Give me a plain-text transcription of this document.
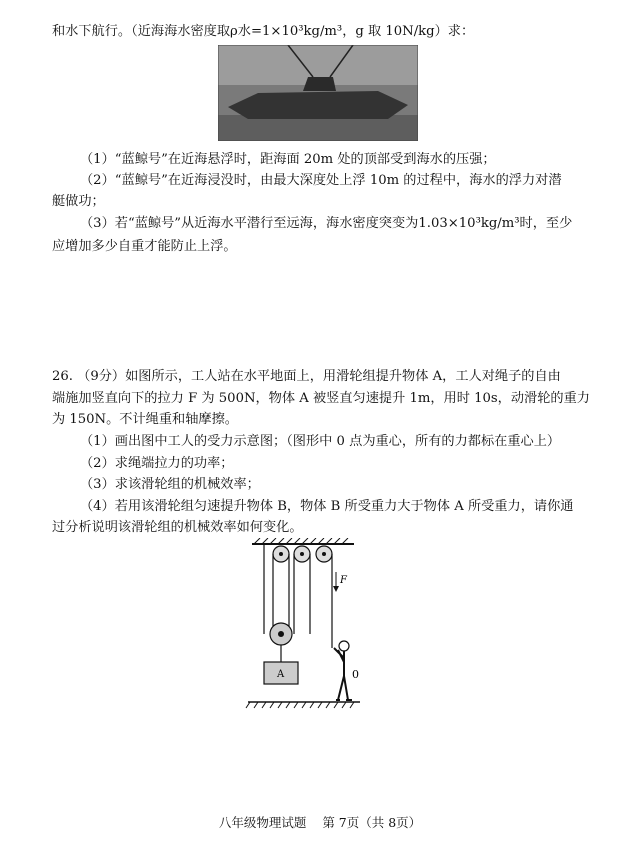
和水下航行。（近海海水密度取ρ水=1×10³kg/m³，g 取 10N/kg）求：
（1）“蓝鲸号”在近海悬浮时，距海面 20m 处的顶部受到海水的压强；
（2）“蓝鲸号”在近海浸没时，由最大深度处上浮 10m 的过程中，海水的浮力对潜
艇做功；
（3）若“蓝鲸号”从近海水平潜行至远海，海水密度突变为1.03×10³kg/m³时，至少
应增加多少自重才能防止上浮。
26. （9分）如图所示，工人站在水平地面上，用滑轮组提升物体 A，工人对绳子的自由
端施加竖直向下的拉力 F 为 500N，物体 A 被竖直匀速提升 1m，用时 10s，动滑轮的重力
为 150N。不计绳重和轴摩擦。
（1）画出图中工人的受力示意图；（图形中 0 点为重心，所有的力都标在重心上）
（2）求绳端拉力的功率；
（3）求该滑轮组的机械效率；
（4）若用该滑轮组匀速提升物体 B，物体 B 所受重力大于物体 A 所受重力，请你通
过分析说明该滑轮组的机械效率如何变化。
F
A	0
八年级物理试题 第 7页（共 8页）
